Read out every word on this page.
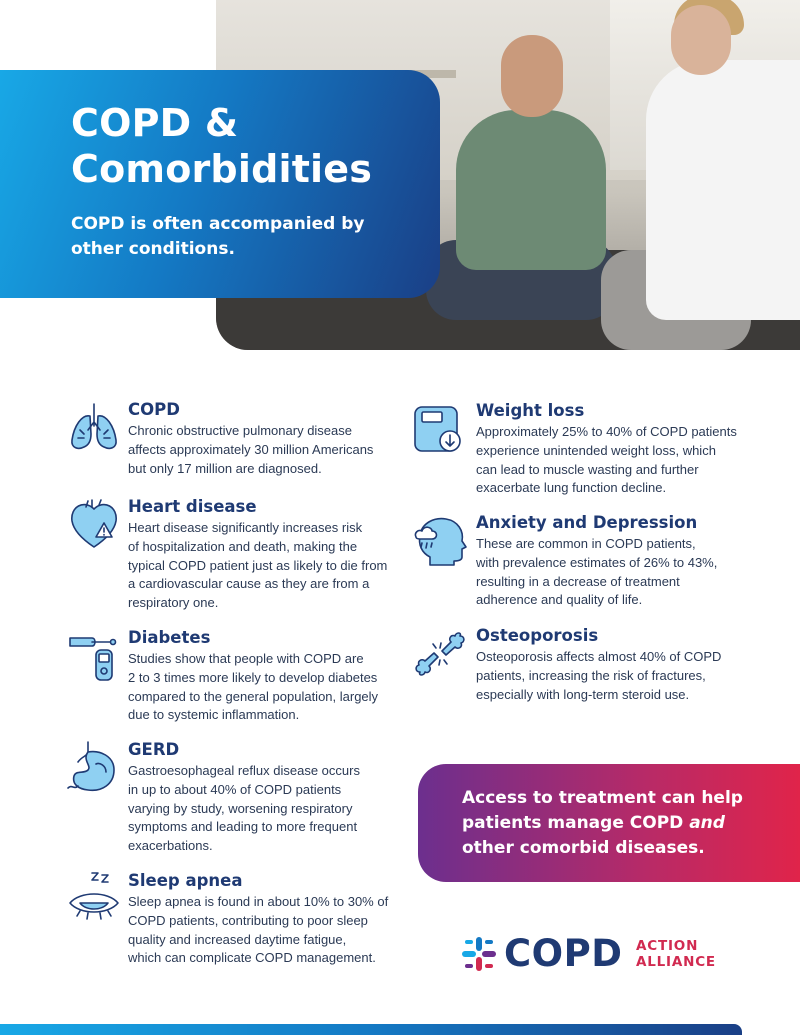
COPD &
Comorbidities
COPD is often accompanied by
other conditions.
COPD

Chronic obstructive pulmonary disease
affects approximately 30 million Americans
but only 17 million are diagnosed.

Heart disease

Heart disease significantly increases risk
of hospitalization and death, making the
typical COPD patient just as likely to die from
a cardiovascular cause as they are from a
respiratory one.

Diabetes

Studies show that people with COPD are
2 to 3 times more likely to develop diabetes
compared to the general population, largely
due to systemic inflammation.

GERD

Gastroesophageal reflux disease occurs
in up to about 40% of COPD patients
varying by study, worsening respiratory
symptoms and leading to more frequent
exacerbations.

Sleep apnea

Sleep apnea is found in about 10% to 30% of
COPD patients, contributing to poor sleep
quality and increased daytime fatigue,
which can complicate COPD management.

Weight loss

Approximately 25% to 40% of COPD patients
experience unintended weight loss, which
can lead to muscle wasting and further
exacerbate lung function decline.

Anxiety and Depression

These are common in COPD patients,
with prevalence estimates of 26% to 43%,
resulting in a decrease of treatment
adherence and quality of life.

Osteoporosis

Osteoporosis affects almost 40% of COPD
patients, increasing the risk of fractures,
especially with long-term steroid use.

Access to treatment can help
patients manage COPD and
other comorbid diseases.
COPD ACTION
ALLIANCE
